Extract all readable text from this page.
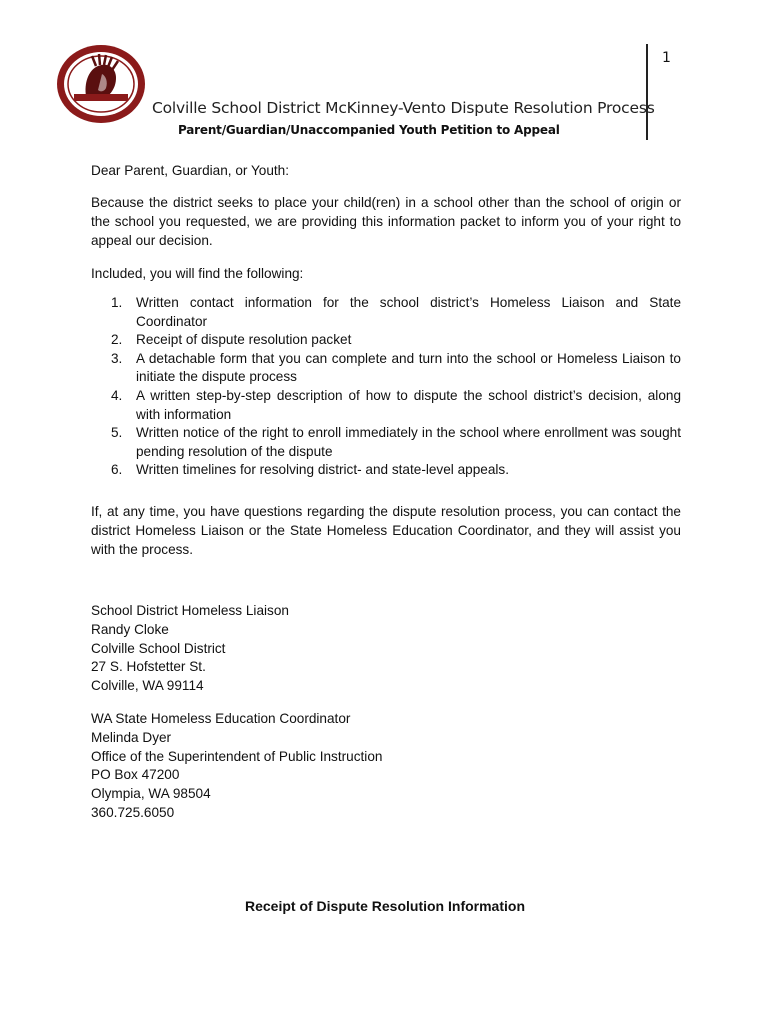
1
Colville School District McKinney-Vento Dispute Resolution Process
Parent/Guardian/Unaccompanied Youth Petition to Appeal

Dear Parent, Guardian, or Youth:

Because the district seeks to place your child(ren) in a school other than the school of origin or the school you requested, we are providing this information packet to inform you of your right to appeal our decision.

Included, you will find the following:

1. Written contact information for the school district’s Homeless Liaison and State Coordinator
2. Receipt of dispute resolution packet
3. A detachable form that you can complete and turn into the school or Homeless Liaison to initiate the dispute process
4. A written step-by-step description of how to dispute the school district’s decision, along with information
5. Written notice of the right to enroll immediately in the school where enrollment was sought pending resolution of the dispute
6. Written timelines for resolving district- and state-level appeals.

If, at any time, you have questions regarding the dispute resolution process, you can contact the district Homeless Liaison or the State Homeless Education Coordinator, and they will assist you with the process.

School District Homeless Liaison
Randy Cloke
Colville School District
27 S. Hofstetter St.
Colville, WA 99114
WA State Homeless Education Coordinator
Melinda Dyer
Office of the Superintendent of Public Instruction
PO Box 47200
Olympia, WA 98504
360.725.6050
Receipt of Dispute Resolution Information
